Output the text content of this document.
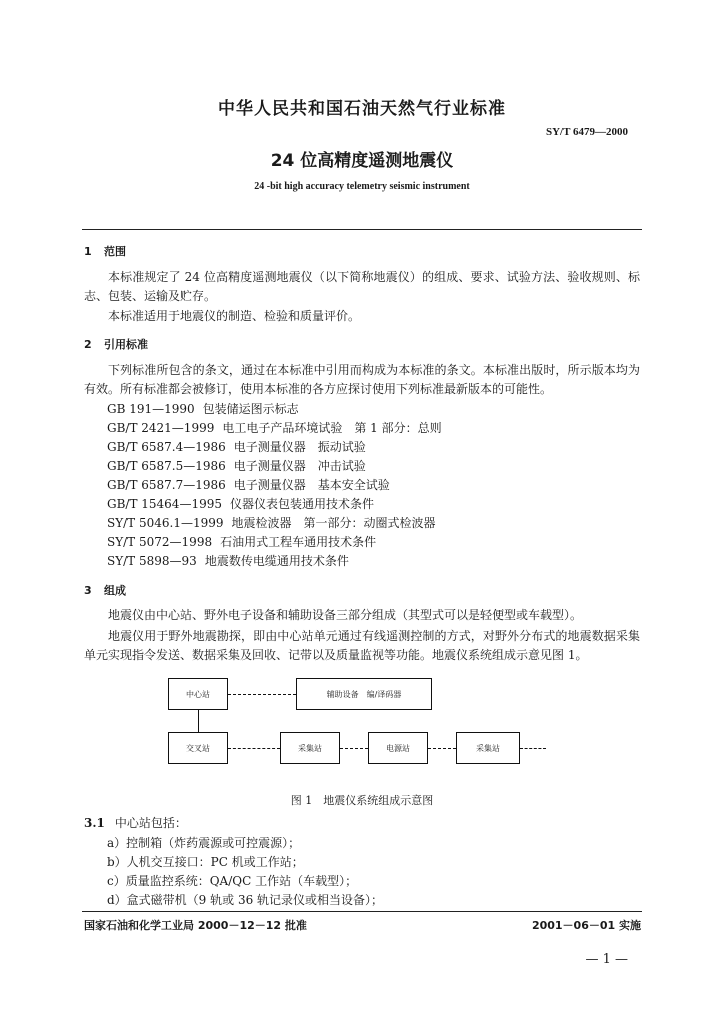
中华人民共和国石油天然气行业标准
SY/T 6479—2000
24 位高精度遥测地震仪
24 -bit high accuracy telemetry seismic instrument
1 范围
本标准规定了 24 位高精度遥测地震仪（以下简称地震仪）的组成、要求、试验方法、验收规则、标志、包装、运输及贮存。
本标准适用于地震仪的制造、检验和质量评价。
2 引用标准
下列标准所包含的条文，通过在本标准中引用而构成为本标准的条文。本标准出版时，所示版本均为有效。所有标准都会被修订，使用本标准的各方应探讨使用下列标准最新版本的可能性。
GB 191—1990 包装储运图示标志
GB/T 2421—1999 电工电子产品环境试验　第 1 部分：总则
GB/T 6587.4—1986 电子测量仪器　振动试验
GB/T 6587.5—1986 电子测量仪器　冲击试验
GB/T 6587.7—1986 电子测量仪器　基本安全试验
GB/T 15464—1995 仪器仪表包装通用技术条件
SY/T 5046.1—1999 地震检波器　第一部分：动圈式检波器
SY/T 5072—1998 石油用式工程车通用技术条件
SY/T 5898—93 地震数传电缆通用技术条件
3 组成
地震仪由中心站、野外电子设备和辅助设备三部分组成（其型式可以是轻便型或车载型）。
地震仪用于野外地震勘探，即由中心站单元通过有线遥测控制的方式，对野外分布式的地震数据采集单元实现指令发送、数据采集及回收、记带以及质量监视等功能。地震仪系统组成示意见图 1。
中心站	辅助设备　编/译码器
交叉站	采集站	电源站	采集站
图 1　地震仪系统组成示意图
3.1 中心站包括：
a）控制箱（炸药震源或可控震源）；
b）人机交互接口：PC 机或工作站；
c）质量监控系统：QA/QC 工作站（车载型）；
d）盒式磁带机（9 轨或 36 轨记录仪或相当设备）；
国家石油和化学工业局 2000－12－12 批准	2001－06－01 实施
— 1 —
